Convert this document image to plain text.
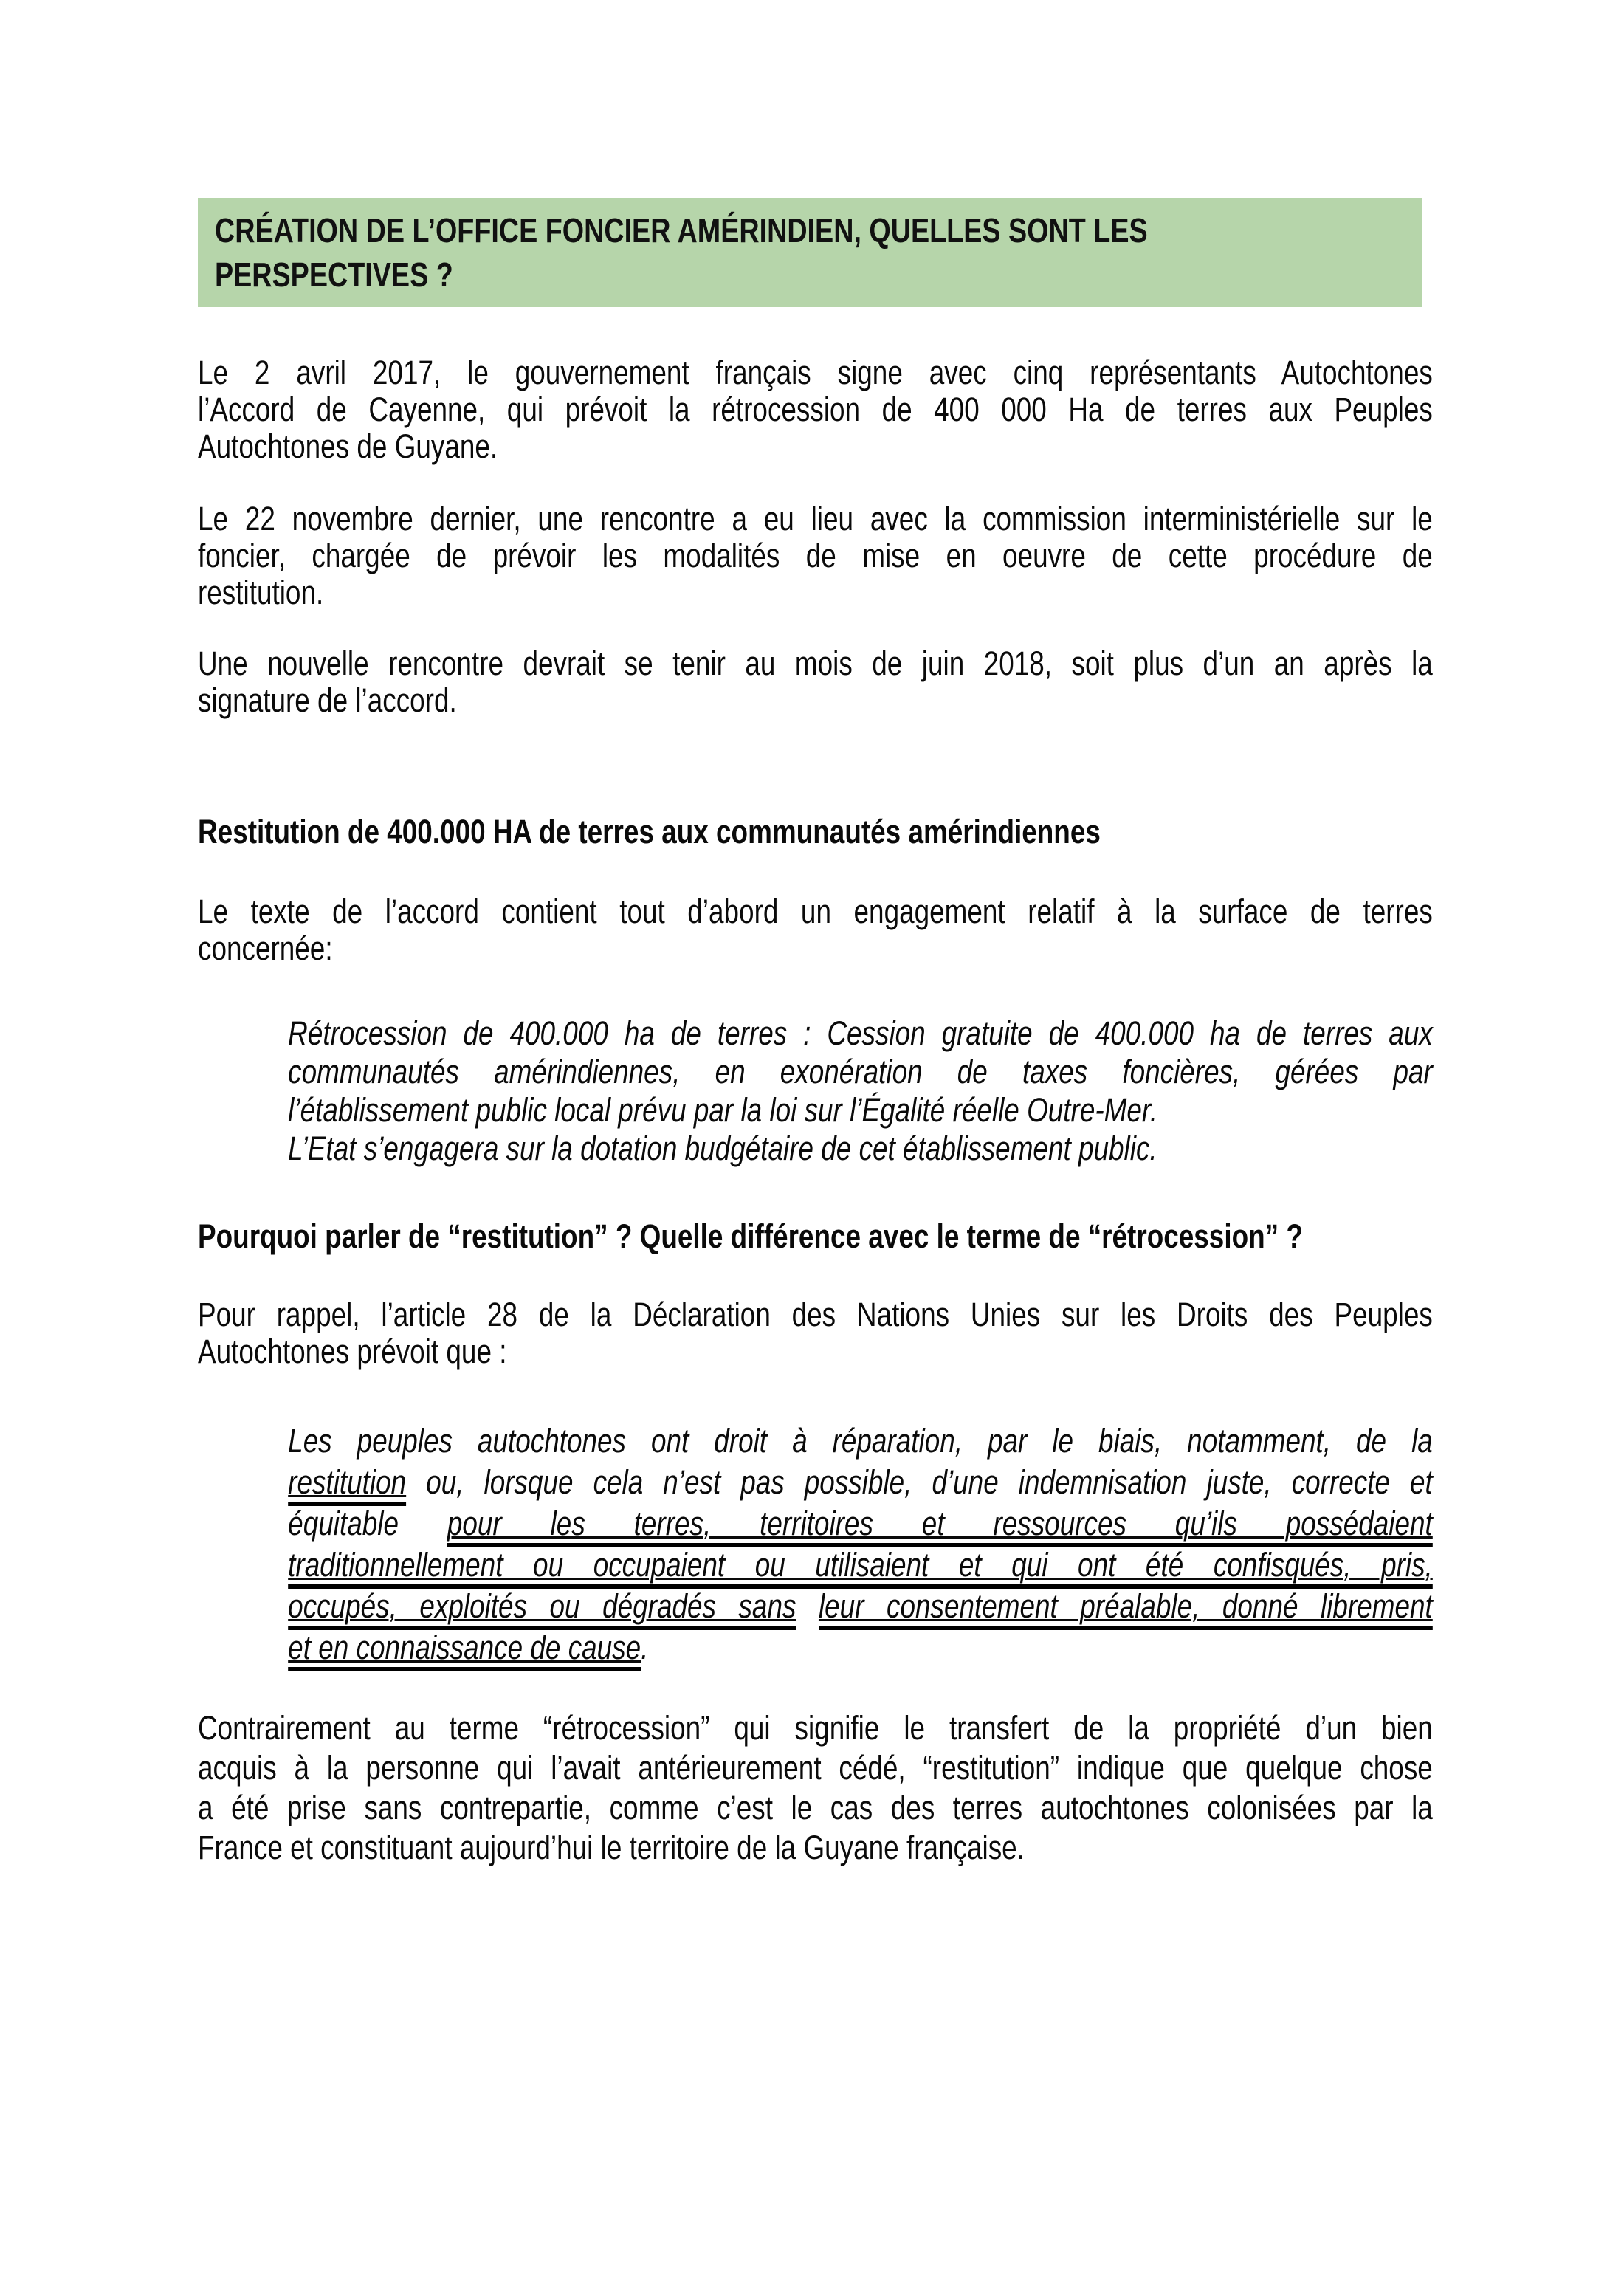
CRÉATION DE L’OFFICE FONCIER AMÉRINDIEN, QUELLES SONT LES
PERSPECTIVES ?
Le 2 avril 2017, le gouvernement français signe avec cinq représentants Autochtones
l’Accord de Cayenne, qui prévoit la rétrocession de 400 000 Ha de terres aux Peuples
Autochtones de Guyane.
Le 22 novembre dernier, une rencontre a eu lieu avec la commission interministérielle sur le
foncier, chargée de prévoir les modalités de mise en oeuvre de cette procédure de
restitution.
Une nouvelle rencontre devrait se tenir au mois de juin 2018, soit plus d’un an après la
signature de l’accord.
Restitution de 400.000 HA de terres aux communautés amérindiennes
Le texte de l’accord contient tout d’abord un engagement relatif à la surface de terres
concernée:
Rétrocession de 400.000 ha de terres : Cession gratuite de 400.000 ha de terres aux
communautés amérindiennes, en exonération de taxes foncières, gérées par
l’établissement public local prévu par la loi sur l’Égalité réelle Outre-Mer.
L’Etat s’engagera sur la dotation budgétaire de cet établissement public.
Pourquoi parler de “restitution” ? Quelle différence avec le terme de “rétrocession” ?
Pour rappel, l’article 28 de la Déclaration des Nations Unies sur les Droits des Peuples
Autochtones prévoit que :
Les peuples autochtones ont droit à réparation, par le biais, notamment, de la
restitution ou, lorsque cela n’est pas possible, d’une indemnisation juste, correcte et
équitable pour les terres, territoires et ressources qu’ils possédaient
traditionnellement ou occupaient ou utilisaient et qui ont été confisqués, pris,
occupés, exploités ou dégradés sans leur consentement préalable, donné librement
et en connaissance de cause.
Contrairement au terme “rétrocession” qui signifie le transfert de la propriété d’un bien
acquis à la personne qui l’avait antérieurement cédé, “restitution” indique que quelque chose
a été prise sans contrepartie, comme c’est le cas des terres autochtones colonisées par la
France et constituant aujourd’hui le territoire de la Guyane française.
